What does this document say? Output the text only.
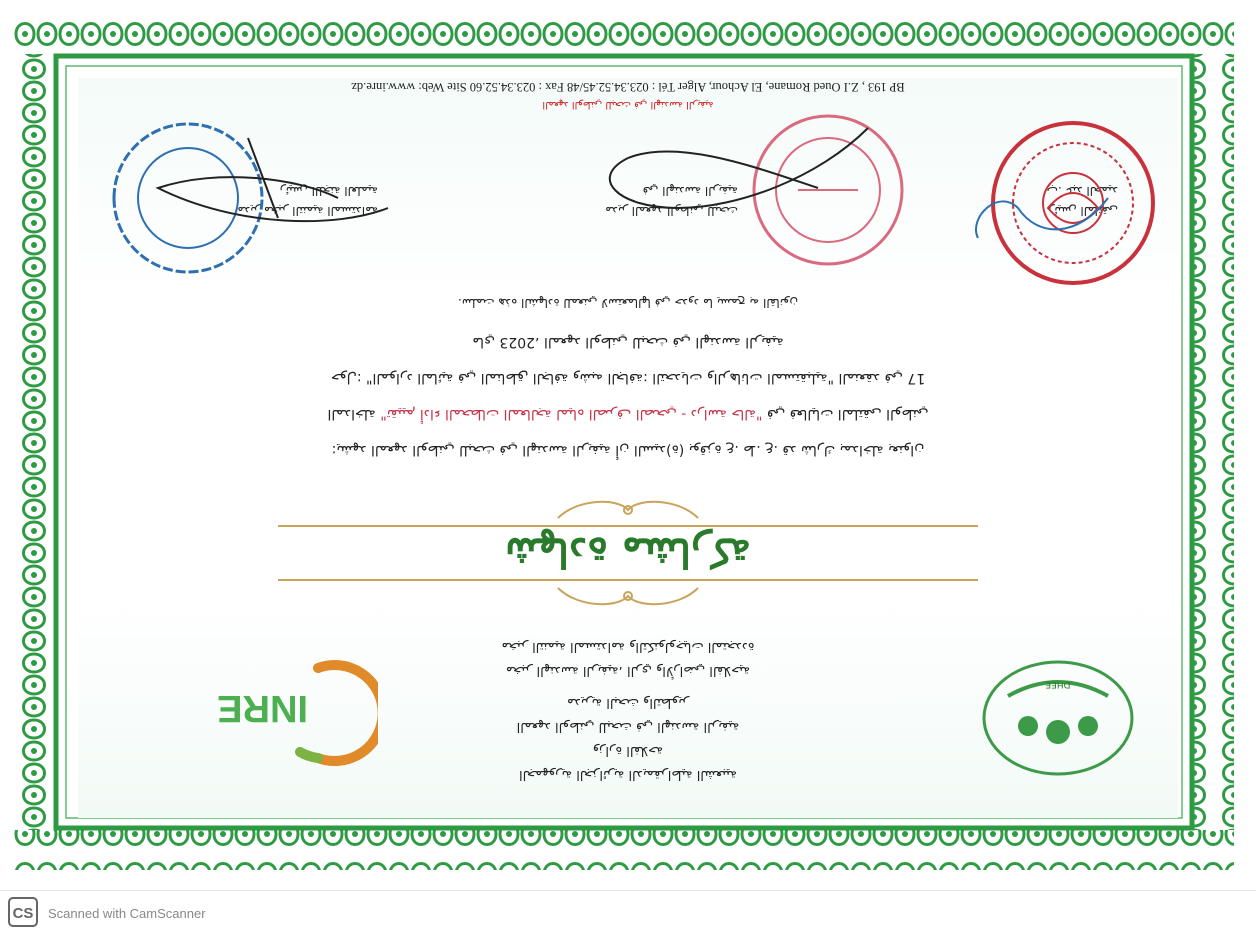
الجمهورية الجزائرية الديمقراطية الشعبية
وزارة الفلاحة
المعهد الوطني للبحث في الهندسة الريفية
مديرية البحث والتطوير
مخبر الهندسة الريفية، الري والأراضي الفلاحية
مخبر التنمية المستدامة والتكنولوجيات المتجددة
DHEE
INRE
شهادة مشاركة
يشهد المعهد الوطني للبحث في الهندسة الريفية أن السيد(ة) بوقزة ع. ط. ع. قد شارك بمداخلة بعنوان:
المداخلة "تقييم أداء المحطات المعالجة لمياه الصرف الصحي - دراسة حالة" في فعاليات الملتقى الوطني
حول: "الموارد المائية في المناطق الجافة وشبه الجافة: التحديات والرهانات المستقبلية" المنعقد في 17
ماي 2023، المعهد الوطني للبحث في الهندسة الريفية
سلمت هذه الشهادة للمعني لاستعمالها في حدود ما يسمح به القانون.
رئيس الملتقى
ب. عبد الحميد
مدير المعهد الوطني للبحث
في الهندسة الريفية
مدير مخبر التنمية المستدامة
رئيس اللجنة العلمية
المعهد الوطني للبحث في الهندسة الريفية
BP 193 , Z.I Oued Romane, El Achour, Alger Tél : 023.34.52.45/48 Fax : 023.34.52.60 Site Web: www.inre.dz
CS	Scanned with CamScanner
